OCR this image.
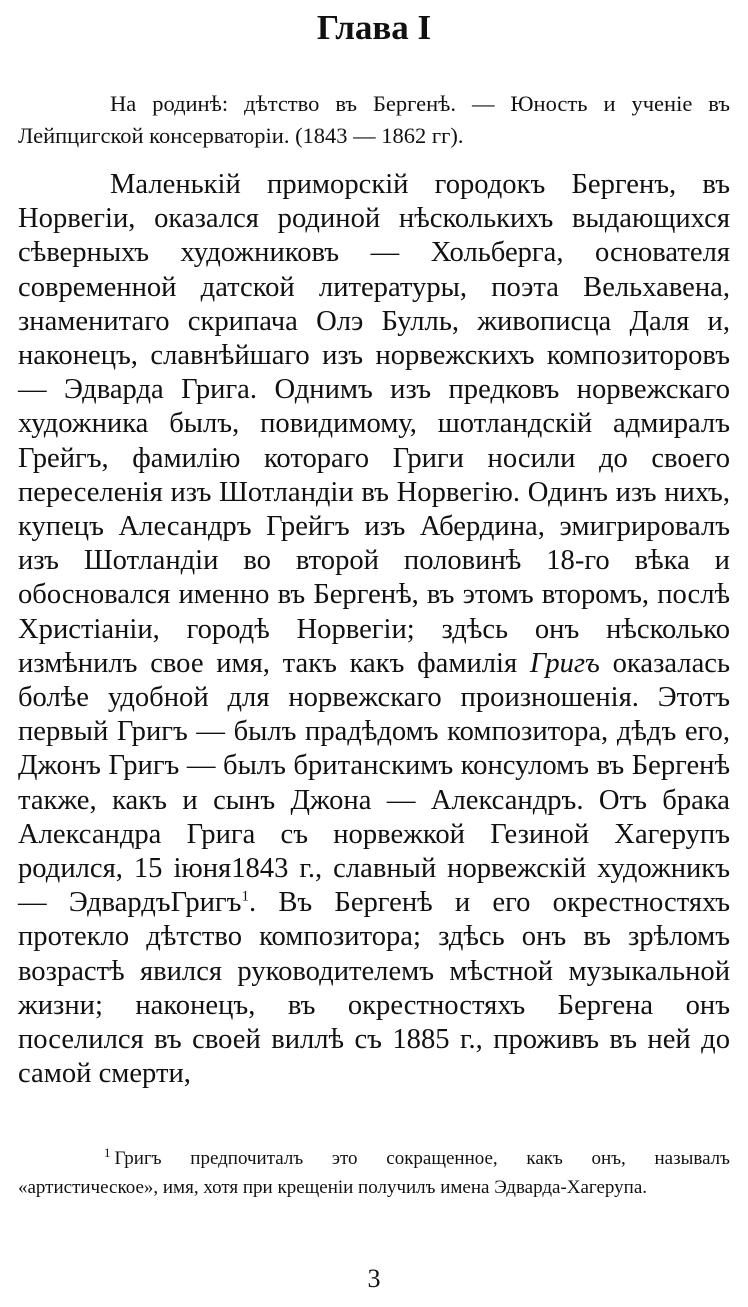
Глава I

На родинѣ: дѣтство въ Бергенѣ. — Юность и ученіе въ Лейпцигской консерваторіи. (1843 — 1862 гг).

Маленькій приморскій городокъ Бергенъ, въ Норвегіи, оказался родиной нѣсколькихъ выдающихся сѣверныхъ художниковъ — Хольберга, основателя современной датской литературы, поэта Вельхавена, знаменитаго скрипача Олэ Булль, живописца Даля и, наконецъ, славнѣйшаго изъ норвежскихъ композиторовъ — Эдварда Грига. Однимъ изъ предковъ норвежскаго художника былъ, повидимому, шотландскій адмиралъ Грейгъ, фамилію котораго Григи носили до своего переселенія изъ Шотландіи въ Норвегію. Одинъ изъ нихъ, купецъ Алесандръ Грейгъ изъ Абердина, эмигрировалъ изъ Шотландіи во второй половинѣ 18-го вѣка и обосновался именно въ Бергенѣ, въ этомъ второмъ, послѣ Христіаніи, городѣ Норвегіи; здѣсь онъ нѣсколько измѣнилъ свое имя, такъ какъ фамилія Григъ оказалась болѣе удобной для норвежскаго произношенія. Этотъ первый Григъ — былъ прадѣдомъ композитора, дѣдъ его, Джонъ Григъ — былъ британскимъ консуломъ въ Бергенѣ также, какъ и сынъ Джона — Александръ. Отъ брака Александра Грига съ норвежкой Гезиной Хагерупъ родился, 15 іюня1843 г., славный норвежскій художникъ — ЭдвардъГригъ$^1$. Въ Бергенѣ и его окрестностяхъ протекло дѣтство композитора; здѣсь онъ въ зрѣломъ возрастѣ явился руководителемъ мѣстной музыкальной жизни; наконецъ, въ окрестностяхъ Бергена онъ поселился въ своей виллѣ съ 1885 г., проживъ въ ней до самой смерти,

$^1$ Григъ предпочиталъ это сокращенное, какъ онъ, называлъ «артистическое», имя, хотя при крещеніи получилъ имена Эдварда-Хагерупа.

3
